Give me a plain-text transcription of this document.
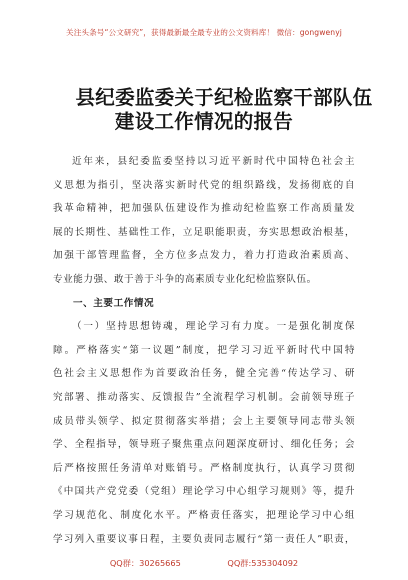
关注头条号“公文研究”，获得最新最全最专业的公文资料库！ 微信：gongwenyj
县纪委监委关于纪检监察干部队伍
建设工作情况的报告
近年来，县纪委监委坚持以习近平新时代中国特色社会主
义思想为指引，坚决落实新时代党的组织路线，发扬彻底的自
我革命精神，把加强队伍建设作为推动纪检监察工作高质量发
展的长期性、基础性工作，立足职能职责，夯实思想政治根基，
加强干部管理监督，全方位多点发力，着力打造政治素质高、
专业能力强、敢于善于斗争的高素质专业化纪检监察队伍。
一、主要工作情况
（一）坚持思想铸魂，理论学习有力度。一是强化制度保
障。严格落实“第一议题”制度，把学习习近平新时代中国特
色社会主义思想作为首要政治任务，健全完善“传达学习、研
究部署、推动落实、反馈报告”全流程学习机制。会前领导班子
成员带头领学、拟定贯彻落实举措；会上主要领导同志带头领
学、全程指导，领导班子聚焦重点问题深度研讨、细化任务；会
后严格按照任务清单对账销号。严格制度执行，认真学习贯彻
《中国共产党党委（党组）理论学习中心组学习规则》等，提升
学习规范化、制度化水平。严格责任落实，把理论学习中心组
学习列入重要议事日程，主要负责同志履行“第一责任人”职责，
QQ群：30265665	QQ群:535304092
